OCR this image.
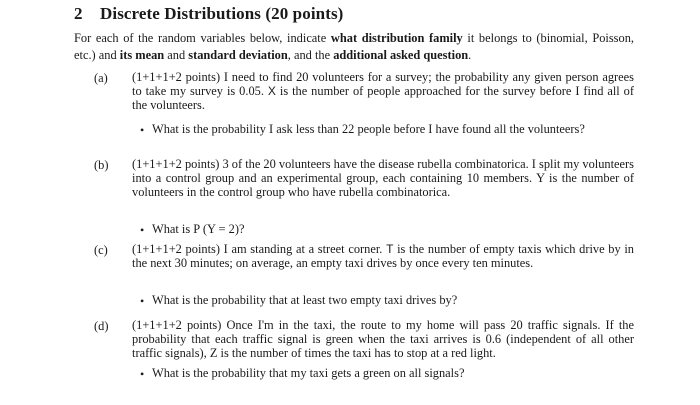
2 Discrete Distributions (20 points)
For each of the random variables below, indicate what distribution family it belongs to (binomial, Poisson, etc.) and its mean and standard deviation, and the additional asked question.
(a)	(1+1+1+2 points) I need to find 20 volunteers for a survey; the probability any given person agrees to take my survey is 0.05. X is the number of people approached for the survey before I find all of the volunteers.
• What is the probability I ask less than 22 people before I have found all the volunteers?
(b)	(1+1+1+2 points) 3 of the 20 volunteers have the disease rubella combinatorica. I split my volunteers into a control group and an experimental group, each containing 10 members. Y is the number of volunteers in the control group who have rubella combinatorica.
• What is P (Y = 2)?
(c)	(1+1+1+2 points) I am standing at a street corner. T is the number of empty taxis which drive by in the next 30 minutes; on average, an empty taxi drives by once every ten minutes.
• What is the probability that at least two empty taxi drives by?
(d)	(1+1+1+2 points) Once I'm in the taxi, the route to my home will pass 20 traffic signals. If the probability that each traffic signal is green when the taxi arrives is 0.6 (independent of all other traffic signals), Z is the number of times the taxi has to stop at a red light.
• What is the probability that my taxi gets a green on all signals?
